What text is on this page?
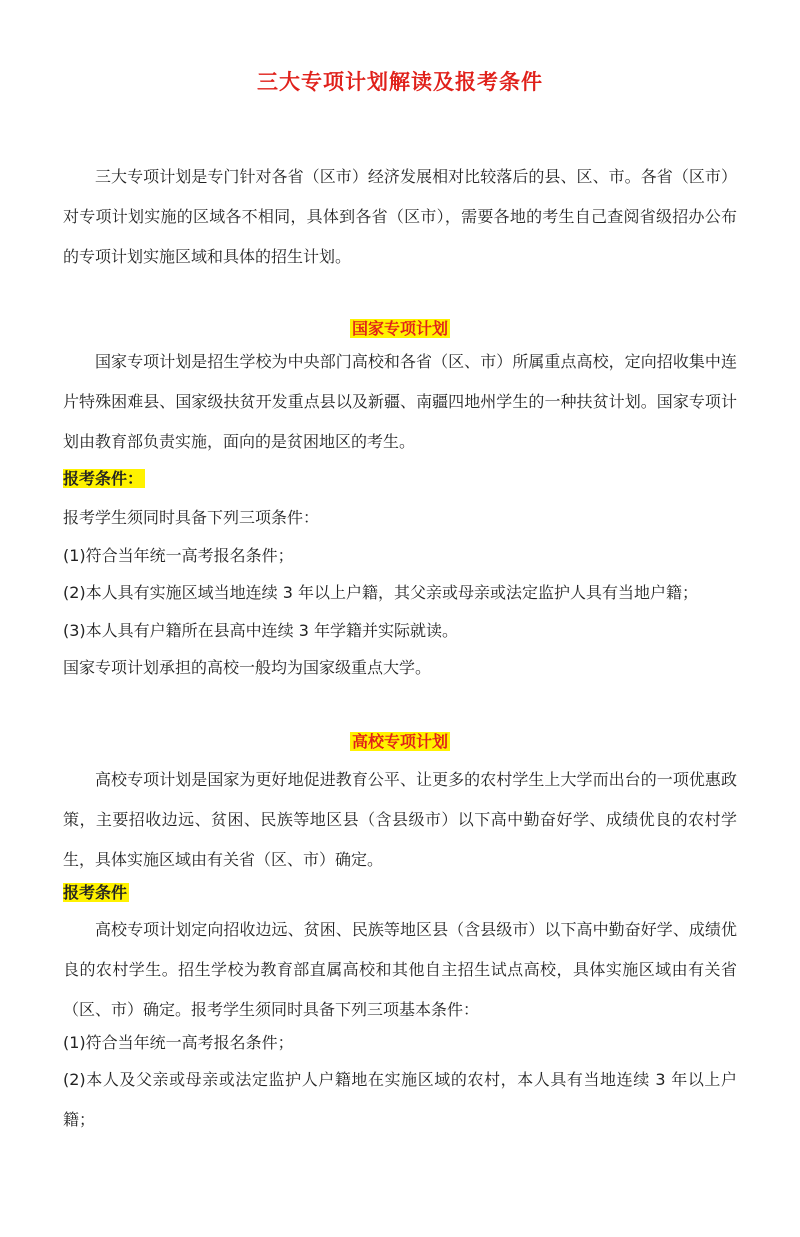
三大专项计划解读及报考条件
三大专项计划是专门针对各省（区市）经济发展相对比较落后的县、区、市。各省（区市）对专项计划实施的区域各不相同，具体到各省（区市），需要各地的考生自己查阅省级招办公布的专项计划实施区域和具体的招生计划。
国家专项计划
国家专项计划是招生学校为中央部门高校和各省（区、市）所属重点高校，定向招收集中连片特殊困难县、国家级扶贫开发重点县以及新疆、南疆四地州学生的一种扶贫计划。国家专项计划由教育部负责实施，面向的是贫困地区的考生。
报考条件：
报考学生须同时具备下列三项条件：
(1)符合当年统一高考报名条件；
(2)本人具有实施区域当地连续 3 年以上户籍，其父亲或母亲或法定监护人具有当地户籍；
(3)本人具有户籍所在县高中连续 3 年学籍并实际就读。
国家专项计划承担的高校一般均为国家级重点大学。
高校专项计划
高校专项计划是国家为更好地促进教育公平、让更多的农村学生上大学而出台的一项优惠政策，主要招收边远、贫困、民族等地区县（含县级市）以下高中勤奋好学、成绩优良的农村学生，具体实施区域由有关省（区、市）确定。
报考条件
高校专项计划定向招收边远、贫困、民族等地区县（含县级市）以下高中勤奋好学、成绩优良的农村学生。招生学校为教育部直属高校和其他自主招生试点高校，具体实施区域由有关省（区、市）确定。报考学生须同时具备下列三项基本条件：
(1)符合当年统一高考报名条件；
(2)本人及父亲或母亲或法定监护人户籍地在实施区域的农村，本人具有当地连续 3 年以上户籍；
